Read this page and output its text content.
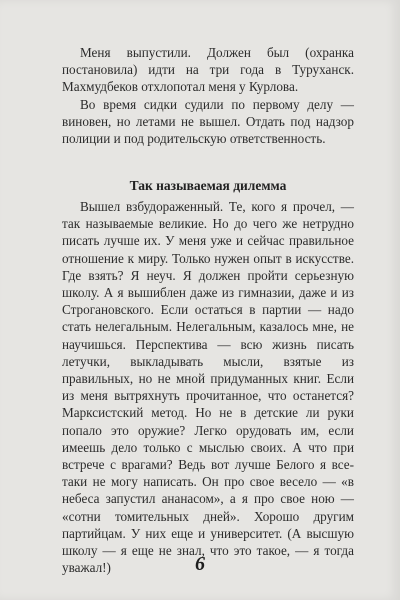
Меня выпустили. Должен был (охранка постановила) идти на три года в Туруханск. Махмудбеков отхлопотал меня у Курлова.

Во время сидки судили по первому делу — виновен, но летами не вышел. Отдать под надзор полиции и под родительскую ответственность.

Так называемая дилемма

Вышел взбудораженный. Те, кого я прочел, — так называемые великие. Но до чего же нетрудно писать лучше их. У меня уже и сейчас правильное отношение к миру. Только нужен опыт в искусстве. Где взять? Я неуч. Я должен пройти серьезную школу. А я вышиблен даже из гимназии, даже и из Строгановского. Если остаться в партии — надо стать нелегальным. Нелегальным, казалось мне, не научишься. Перспектива — всю жизнь писать летучки, выкладывать мысли, взятые из правильных, но не мной придуманных книг. Если из меня вытряхнуть прочитанное, что останется? Марксистский метод. Но не в детские ли руки попало это оружие? Легко орудовать им, если имеешь дело только с мыслью своих. А что при встрече с врагами? Ведь вот лучше Белого я все-таки не могу написать. Он про свое весело — «в небеса запустил ананасом», а я про свое ною — «сотни томительных дней». Хорошо другим партийцам. У них еще и университет. (А высшую школу — я еще не знал, что это такое, — я тогда уважал!)	6
